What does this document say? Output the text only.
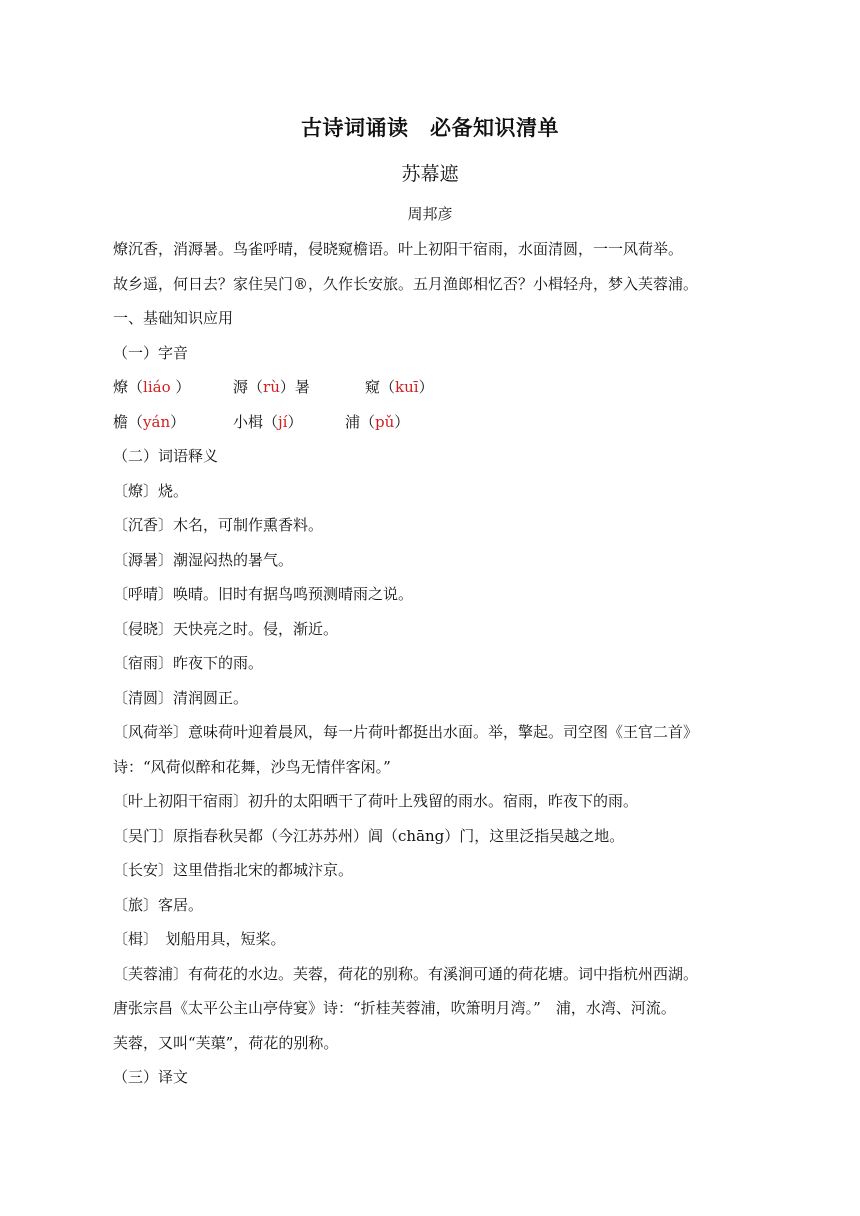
古诗词诵读　必备知识清单
苏幕遮
周邦彦
燎沉香，消溽暑。鸟雀呼晴，侵晓窥檐语。叶上初阳干宿雨，水面清圆，一一风荷举。
故乡遥，何日去？家住吴门®，久作长安旅。五月渔郎相忆否？小楫轻舟，梦入芙蓉浦。
一、基础知识应用
（一）字音
燎（liáo ）	溽（rù）暑	窥（kuī）
檐（yán）	小楫（jí）	浦（pǔ）
（二）词语释义
〔燎〕烧。
〔沉香〕木名，可制作熏香料。
〔溽暑〕潮湿闷热的暑气。
〔呼晴〕唤晴。旧时有据鸟鸣预测晴雨之说。
〔侵晓〕天快亮之时。侵，渐近。
〔宿雨〕昨夜下的雨。
〔清圆〕清润圆正。
〔风荷举〕意味荷叶迎着晨风，每一片荷叶都挺出水面。举，擎起。司空图《王官二首》
诗：“风荷似醉和花舞，沙鸟无情伴客闲。”
〔叶上初阳干宿雨〕初升的太阳晒干了荷叶上残留的雨水。宿雨，昨夜下的雨。
〔吴门〕原指春秋吴都（今江苏苏州）阊（chāng）门，这里泛指吴越之地。
〔长安〕这里借指北宋的都城汴京。
〔旅〕客居。
〔楫〕　划船用具，短桨。
〔芙蓉浦〕有荷花的水边。芙蓉，荷花的别称。有溪涧可通的荷花塘。词中指杭州西湖。
唐张宗昌《太平公主山亭侍宴》诗：“折桂芙蓉浦，吹箫明月湾。”　浦，水湾、河流。
芙蓉，又叫“芙蕖”，荷花的别称。
（三）译文
